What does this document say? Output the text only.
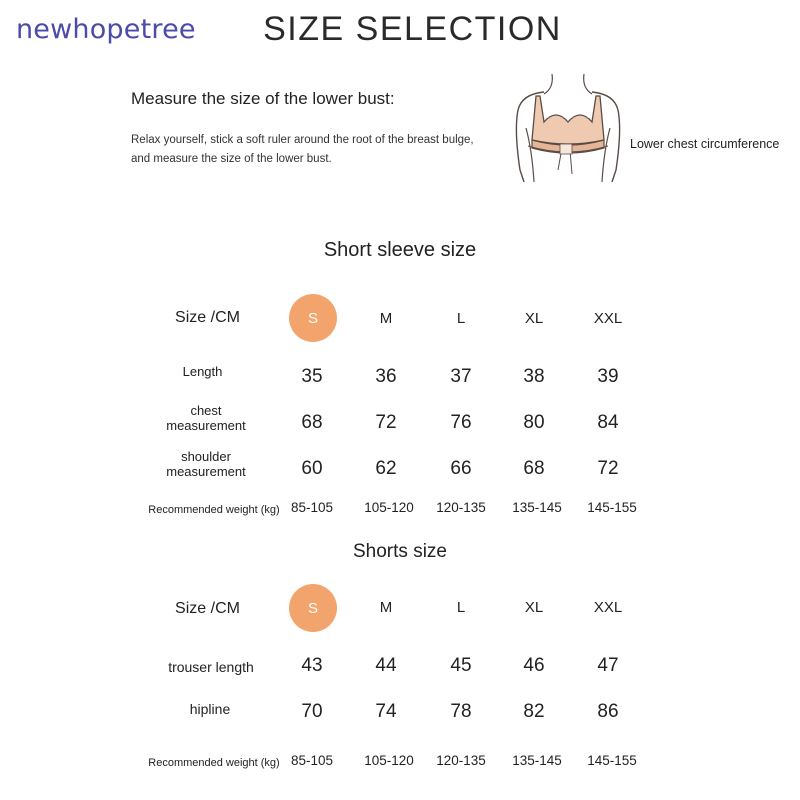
newhopetree	SIZE SELECTION
Measure the size of the lower bust:
Relax yourself, stick a soft ruler around the root of the breast bulge,
and measure the size of the lower bust.
Lower chest circumference
Short sleeve size
Size /CM	S	M	L	XL	XXL
Length	35	36	37	38	39
chest
measurement	68	72	76	80	84
shoulder
measurement	60	62	66	68	72
Recommended weight (kg) 85-105	105-120	120-135	135-145	145-155
Shorts size
Size /CM	S	M	L	XL	XXL
trouser length	43	44	45	46	47
hipline	70	74	78	82	86
Recommended weight (kg) 85-105	105-120	120-135	135-145	145-155
